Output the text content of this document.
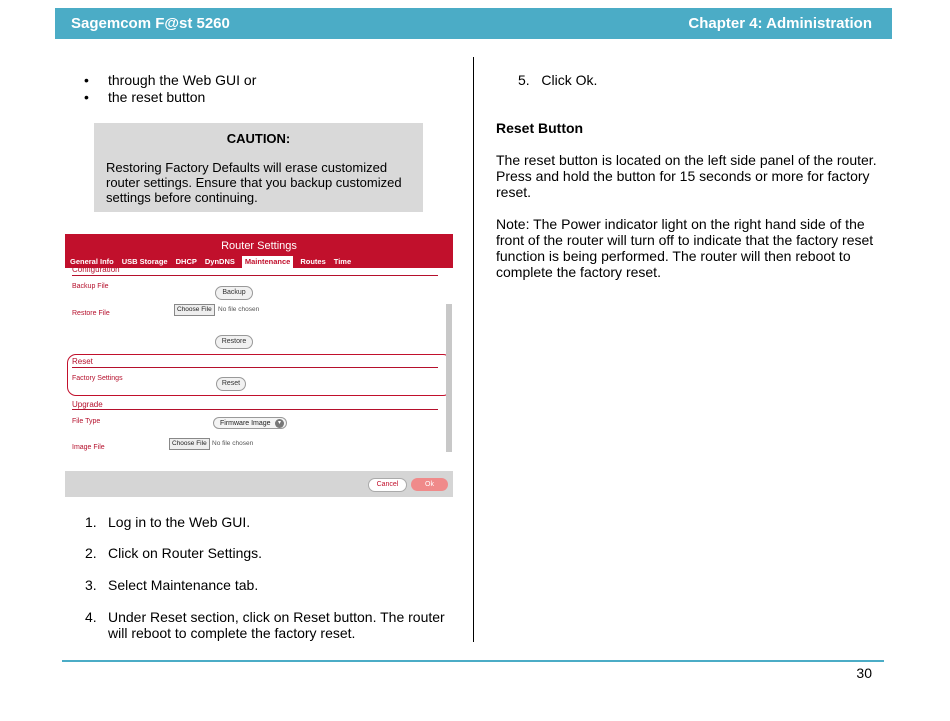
Sagemcom F@st 5260	Chapter 4: Administration
• through the Web GUI or
• the reset button
CAUTION:
Restoring Factory Defaults will erase customized router settings. Ensure that you backup customized settings before continuing.
Router Settings
General Info USB Storage DHCP DynDNS	Maintenance	Routes Time
Configuration
Backup File
Backup
Restore File
Choose File No file chosen
Restore
Reset
Factory Settings
Reset
Upgrade
File Type	Firmware Image	▾
Image File
Choose File No file chosen
Cancel	Ok
1. Log in to the Web GUI.
2. Click on Router Settings.
3. Select Maintenance tab.
4. Under Reset section, click on Reset button. The router will reboot to complete the factory reset.
5. Click Ok.
Reset Button
The reset button is located on the left side panel of the router. Press and hold the button for 15 seconds or more for factory reset.
Note: The Power indicator light on the right hand side of the front of the router will turn off to indicate that the factory reset function is being performed. The router will then reboot to complete the factory reset.
30
